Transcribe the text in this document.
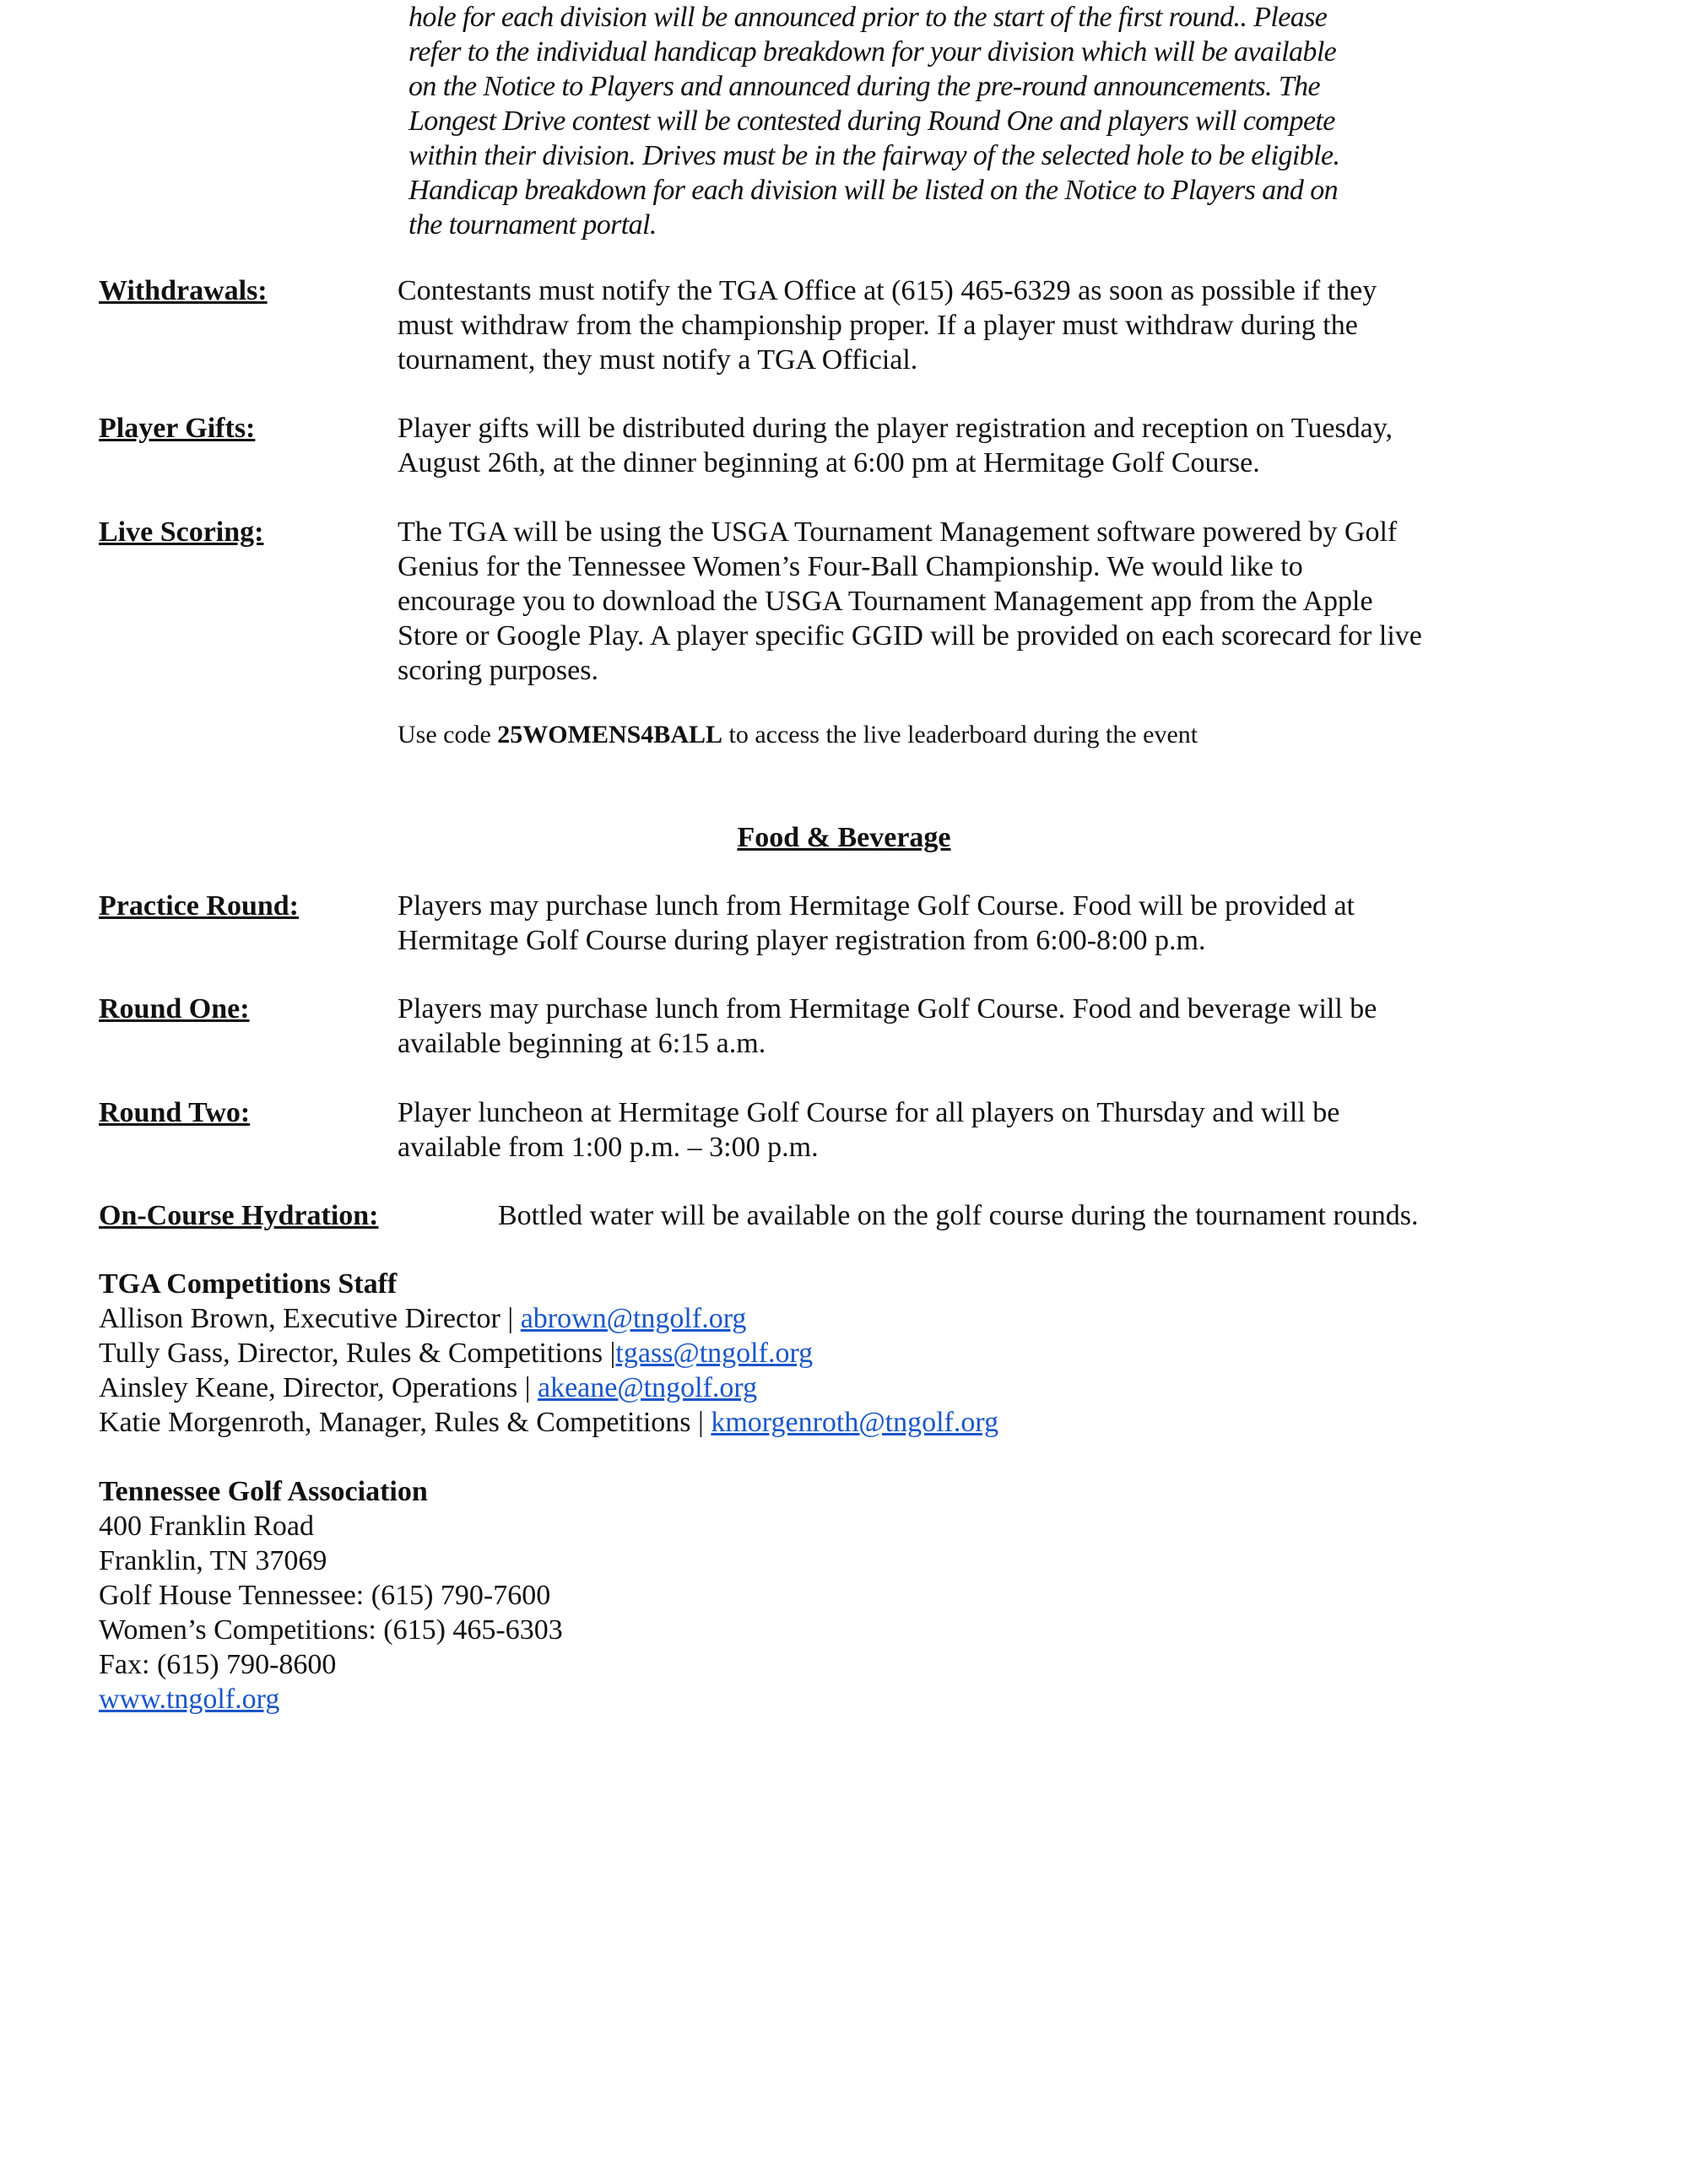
hole for each division will be announced prior to the start of the first round.. Please
refer to the individual handicap breakdown for your division which will be available
on the Notice to Players and announced during the pre-round announcements. The
Longest Drive contest will be contested during Round One and players will compete
within their division. Drives must be in the fairway of the selected hole to be eligible.
Handicap breakdown for each division will be listed on the Notice to Players and on
the tournament portal.
Withdrawals:	Contestants must notify the TGA Office at (615) 465-6329 as soon as possible if they
must withdraw from the championship proper. If a player must withdraw during the
tournament, they must notify a TGA Official.
Player Gifts:	Player gifts will be distributed during the player registration and reception on Tuesday,
August 26th, at the dinner beginning at 6:00 pm at Hermitage Golf Course.
Live Scoring:	The TGA will be using the USGA Tournament Management software powered by Golf
Genius for the Tennessee Women’s Four-Ball Championship. We would like to
encourage you to download the USGA Tournament Management app from the Apple
Store or Google Play. A player specific GGID will be provided on each scorecard for live
scoring purposes.
Use code 25WOMENS4BALL to access the live leaderboard during the event
Food & Beverage
Practice Round:	Players may purchase lunch from Hermitage Golf Course. Food will be provided at
Hermitage Golf Course during player registration from 6:00-8:00 p.m.
Round One:	Players may purchase lunch from Hermitage Golf Course. Food and beverage will be
available beginning at 6:15 a.m.
Round Two:	Player luncheon at Hermitage Golf Course for all players on Thursday and will be
available from 1:00 p.m. – 3:00 p.m.
On-Course Hydration:	Bottled water will be available on the golf course during the tournament rounds.
TGA Competitions Staff
Allison Brown, Executive Director | abrown@tngolf.org
Tully Gass, Director, Rules & Competitions |tgass@tngolf.org
Ainsley Keane, Director, Operations | akeane@tngolf.org
Katie Morgenroth, Manager, Rules & Competitions | kmorgenroth@tngolf.org
Tennessee Golf Association
400 Franklin Road
Franklin, TN 37069
Golf House Tennessee: (615) 790-7600
Women’s Competitions: (615) 465-6303
Fax: (615) 790-8600
www.tngolf.org
